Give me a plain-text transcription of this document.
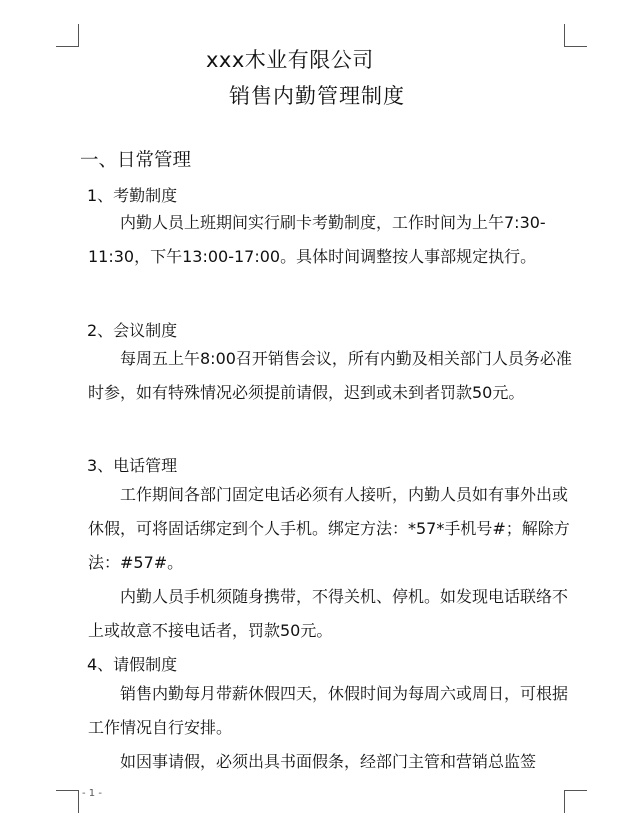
xxx木业有限公司
销售内勤管理制度
一、日常管理
1、考勤制度
内勤人员上班期间实行刷卡考勤制度，工作时间为上午7:30-11:30，下午13:00-17:00。具体时间调整按人事部规定执行。
2、会议制度
每周五上午8:00召开销售会议，所有内勤及相关部门人员务必准时参，如有特殊情况必须提前请假，迟到或未到者罚款50元。
3、电话管理
工作期间各部门固定电话必须有人接听，内勤人员如有事外出或休假，可将固话绑定到个人手机。绑定方法：*57*手机号#；解除方法：#57#。
内勤人员手机须随身携带，不得关机、停机。如发现电话联络不上或故意不接电话者，罚款50元。
4、请假制度
销售内勤每月带薪休假四天，休假时间为每周六或周日，可根据工作情况自行安排。
如因事请假，必须出具书面假条，经部门主管和营销总监签
- 1 -
